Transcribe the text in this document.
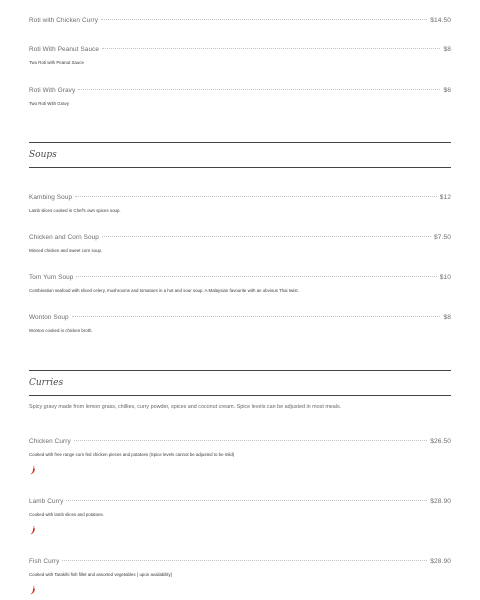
Roti with Chicken Curry	$14.50
Roti With Peanut Sauce	$8
Two Roti with Peanut Sauce
Roti With Gravy	$6
Two Roti With Gravy
Soups
Kambing Soup	$12
Lamb slices cooked in Chef's own spices soup.
Chicken and Corn Soup	$7.50
Minced chicken and sweet corn soup.
Tom Yum Soup	$10
Combination seafood with sliced celery, mushrooms and tomatoes in a hot and sour soup. A Malaysian favourite with an obvious Thai twist.
Wonton Soup	$8
Wonton cooked in chicken broth.
Curries
Spicy gravy made from lemon grass, chillies, curry powder, spices and coconut cream. Spice levels can be adjusted in most meals.
Chicken Curry	$26.50
Cooked with free range corn fed chicken pieces and potatoes (Spice levels cannot be adjusted to be mild)
Lamb Curry	$28.90
Cooked with lamb slices and potatoes.
Fish Curry	$28.90
Cooked with Tarakihi fish fillet and assorted vegetables ( upon availability)
